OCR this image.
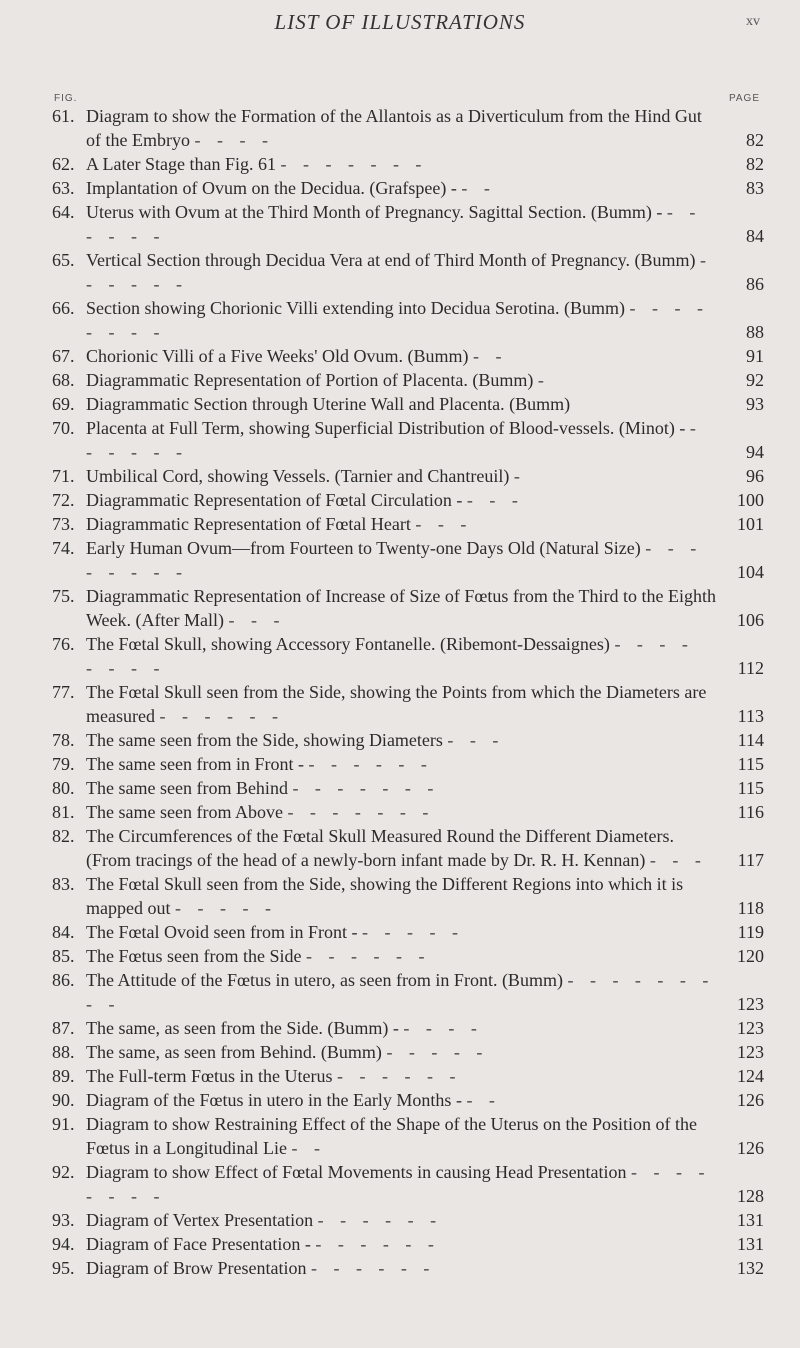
LIST OF ILLUSTRATIONS	xv
FIG.	PAGE
61. Diagram to show the Formation of the Allantois as a Diverticulum from the Hind Gut of the Embryo - - - -	82
62. A Later Stage than Fig. 61 - - - - - - -	82
63. Implantation of Ovum on the Decidua. (Grafspee) - - -	83
64. Uterus with Ovum at the Third Month of Pregnancy. Sagittal Section. (Bumm) - - - - - - -	84
65. Vertical Section through Decidua Vera at end of Third Month of Pregnancy. (Bumm) - - - - - -	86
66. Section showing Chorionic Villi extending into Decidua Serotina. (Bumm) - - - - - - - -	88
67. Chorionic Villi of a Five Weeks' Old Ovum. (Bumm) - -	91
68. Diagrammatic Representation of Portion of Placenta. (Bumm) -	92
69. Diagrammatic Section through Uterine Wall and Placenta. (Bumm)	93
70. Placenta at Full Term, showing Superficial Distribution of Blood-vessels. (Minot) - - - - - - -	94
71. Umbilical Cord, showing Vessels. (Tarnier and Chantreuil) -	96
72. Diagrammatic Representation of Fœtal Circulation - - - -	100
73. Diagrammatic Representation of Fœtal Heart - - -	101
74. Early Human Ovum—from Fourteen to Twenty-one Days Old (Natural Size) - - - - - - - -	104
75. Diagrammatic Representation of Increase of Size of Fœtus from the Third to the Eighth Week. (After Mall) - - -	106
76. The Fœtal Skull, showing Accessory Fontanelle. (Ribemont-Dessaignes) - - - - - - - -	112
77. The Fœtal Skull seen from the Side, showing the Points from which the Diameters are measured - - - - - -	113
78. The same seen from the Side, showing Diameters - - -	114
79. The same seen from in Front - - - - - - -	115
80. The same seen from Behind - - - - - - -	115
81. The same seen from Above - - - - - - -	116
82. The Circumferences of the Fœtal Skull Measured Round the Different Diameters. (From tracings of the head of a newly-born infant made by Dr. R. H. Kennan) - - - 117
83. The Fœtal Skull seen from the Side, showing the Different Regions into which it is mapped out - - - - -	118
84. The Fœtal Ovoid seen from in Front - - - - - -	119
85. The Fœtus seen from the Side - - - - - -	120
86. The Attitude of the Fœtus in utero, as seen from in Front. (Bumm) - - - - - - - - -	123
87. The same, as seen from the Side. (Bumm) - - - - -	123
88. The same, as seen from Behind. (Bumm) - - - - -	123
89. The Full-term Fœtus in the Uterus - - - - - -	124
90. Diagram of the Fœtus in utero in the Early Months - - -	126
91. Diagram to show Restraining Effect of the Shape of the Uterus on the Position of the Fœtus in a Longitudinal Lie - -	126
92. Diagram to show Effect of Fœtal Movements in causing Head Presentation - - - - - - - -	128
93. Diagram of Vertex Presentation - - - - - -	131
94. Diagram of Face Presentation - - - - - - -	131
95. Diagram of Brow Presentation - - - - - -	132
